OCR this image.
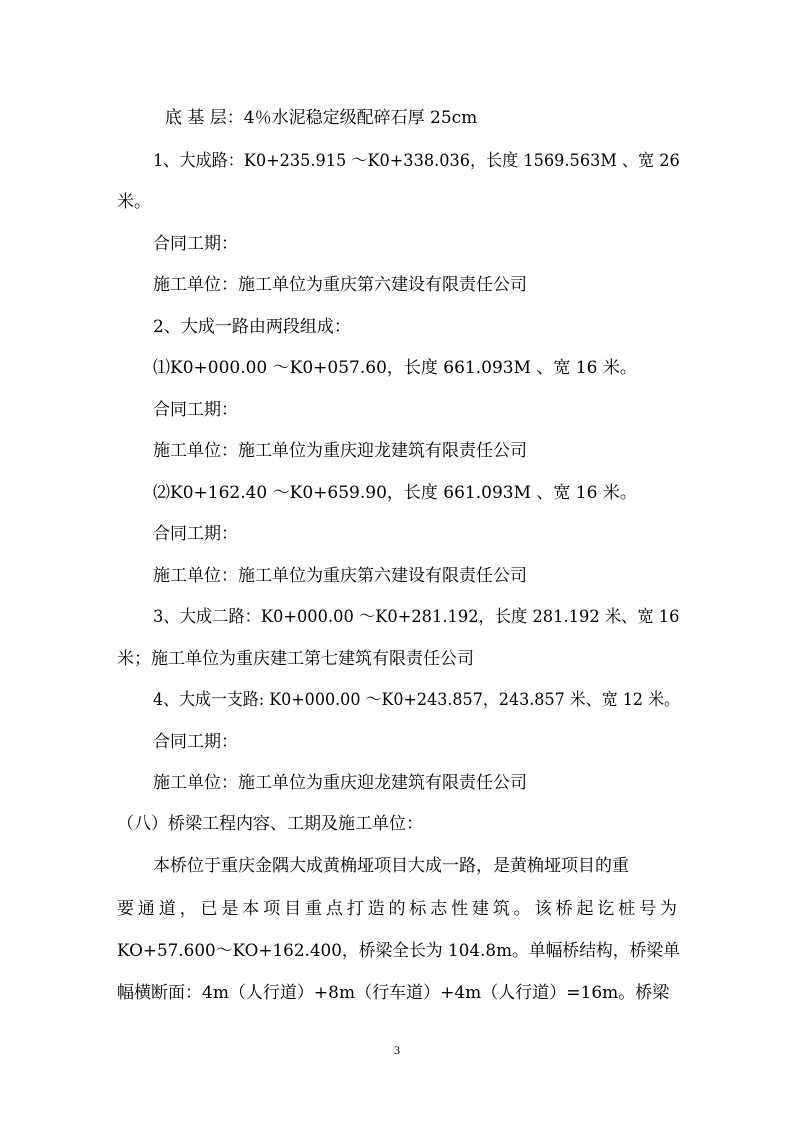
底 基 层：4％水泥稳定级配碎石厚 25cm
1、大成路：K0+235.915 ～K0+338.036，长度 1569.563M 、宽 26
米。
合同工期：
施工单位：施工单位为重庆第六建设有限责任公司
2、大成一路由两段组成：
⑴K0+000.00 ～K0+057.60，长度 661.093M 、宽 16 米。
合同工期：
施工单位：施工单位为重庆迎龙建筑有限责任公司
⑵K0+162.40 ～K0+659.90，长度 661.093M 、宽 16 米。
合同工期：
施工单位：施工单位为重庆第六建设有限责任公司
3、大成二路：K0+000.00 ～K0+281.192，长度 281.192 米、宽 16
米；施工单位为重庆建工第七建筑有限责任公司
4、大成一支路: K0+000.00 ～K0+243.857，243.857 米、宽 12 米。
合同工期：
施工单位：施工单位为重庆迎龙建筑有限责任公司
（八）桥梁工程内容、工期及施工单位：
本桥位于重庆金隅大成黄桷垭项目大成一路，是黄桷垭项目的重
要通道，已是本项目重点打造的标志性建筑。该桥起讫桩号为
KO+57.600～KO+162.400，桥梁全长为 104.8m。单幅桥结构，桥梁单
幅横断面：4m（人行道）+8m（行车道）+4m（人行道）=16m。桥梁
3
